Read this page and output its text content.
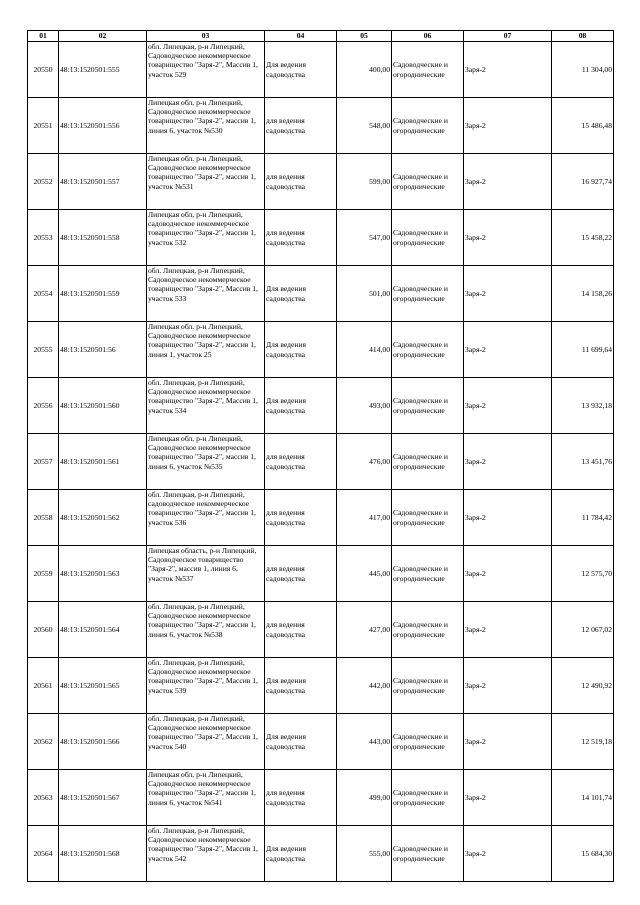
01	02	03	04	05	06	07	08
20550	48:13:1520501:555	обл. Липецкая, р-н Липецкий, Садоводческое некоммерческое товарищество "Заря-2", Массив 1, участок 529	Для ведения садоводства	400,00	Садоводческие и огороднические	Заря-2	11 304,00
20551	48:13:1520501:556	Липецкая обл, р-н Липецкий, Садоводческое некоммерческое товарищество "Заря-2", массив 1, линия 6, участок №530	для ведения садоводства	548,00	Садоводческие и огороднические	Заря-2	15 486,48
20552	48:13:1520501:557	Липецкая обл. р-н Липецкий, Садоводческое некоммерческое товарищество "Заря-2", массив 1, участок №531	для ведения садоводства	599,00	Садоводческие и огороднические	Заря-2	16 927,74
20553	48:13:1520501:558	Липецкая обл, р-н Липецкий, садоводческое некоммерческое товарищество "Заря-2", массив 1, участок 532	для ведения садоводства	547,00	Садоводческие и огороднические	Заря-2	15 458,22
20554	48:13:1520501:559	обл. Липецкая, р-н Липецкий, Садоводческое некоммерческое товарищество "Заря-2", Массив 1, участок 533	Для ведения садоводства	501,00	Садоводческие и огороднические	Заря-2	14 158,26
20555	48:13:1520501:56	Липецкая обл. р-н Липецкий, Садоводческое некоммерческое товарищество "Заря-2", массив 1, линия 1, участок 25	Для ведения садоводства	414,00	Садоводческие и огороднические	Заря-2	11 699,64
20556	48:13:1520501:560	обл. Липецкая, р-н Липецкий, Садоводческое некоммерческое товарищество "Заря-2", Массив 1, участок 534	Для ведения садоводства	493,00	Садоводческие и огороднические	Заря-2	13 932,18
20557	48:13:1520501:561	Липецкая обл, р-н Липецкий, Садоводческое некоммерческое товарищество "Заря-2", массив 1, линия 6, участок №535	для ведения садоводства	476,00	Садоводческие и огороднические	Заря-2	13 451,76
20558	48:13:1520501:562	обл. Липецкая, р-н Липецкий, садоводческое некоммерческое товарищество "Заря-2", массив 1, участок 536	для ведения садоводства	417,00	Садоводческие и огороднические	Заря-2	11 784,42
20559	48:13:1520501:563	Липецкая область, р-н Липецкий, Садоводческое товарищество "Заря-2", массив 1, линия 6, участок №537	для ведения садоводства	445,00	Садоводческие и огороднические	Заря-2	12 575,70
20560	48:13:1520501:564	обл. Липецкая, р-н Липецкий, Садоводческое некоммерческое товарищество "Заря-2", массив 1, линия 6, участок №538	для ведения садоводства	427,00	Садоводческие и огороднические	Заря-2	12 067,02
20561	48:13:1520501:565	обл. Липецкая, р-н Липецкий, Садоводческое некоммерческое товарищество "Заря-2", Массив 1, участок 539	Для ведения садоводства	442,00	Садоводческие и огороднические	Заря-2	12 490,92
20562	48:13:1520501:566	обл. Липецкая, р-н Липецкий, Садоводческое некоммерческое товарищество "Заря-2", Массив 1, участок 540	Для ведения садоводства	443,00	Садоводческие и огороднические	Заря-2	12 519,18
20563	48:13:1520501:567	Липецкая обл, р-н Липецкий, Садоводческое некоммерческое товарищество "Заря-2", массив 1, линия 6, участок №541	для ведения садоводства	499,00	Садоводческие и огороднические	Заря-2	14 101,74
20564	48:13:1520501:568	обл. Липецкая, р-н Липецкий, Садоводческое некоммерческое товарищество "Заря-2", Массив 1, участок 542	Для ведения садоводства	555,00	Садоводческие и огороднические	Заря-2	15 684,30
